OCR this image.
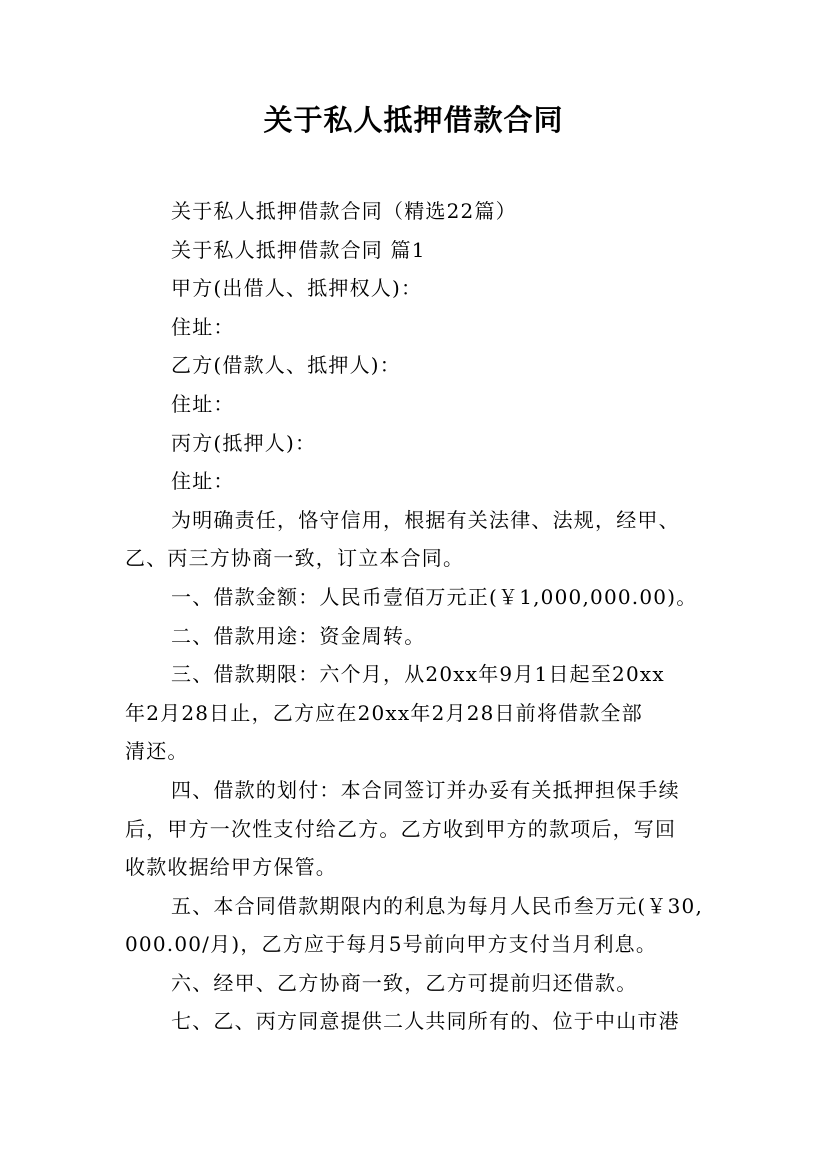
关于私人抵押借款合同
关于私人抵押借款合同（精选22篇）
关于私人抵押借款合同 篇1
甲方(出借人、抵押权人)：
住址：
乙方(借款人、抵押人)：
住址：
丙方(抵押人)：
住址：
为明确责任，恪守信用，根据有关法律、法规，经甲、
乙、丙三方协商一致，订立本合同。
一、借款金额：人民币壹佰万元正(￥1,000,000.00)。
二、借款用途：资金周转。
三、借款期限：六个月，从20xx年9月1日起至20xx
年2月28日止，乙方应在20xx年2月28日前将借款全部
清还。
四、借款的划付：本合同签订并办妥有关抵押担保手续
后，甲方一次性支付给乙方。乙方收到甲方的款项后，写回
收款收据给甲方保管。
五、本合同借款期限内的利息为每月人民币叁万元(￥30,
000.00/月)，乙方应于每月5号前向甲方支付当月利息。
六、经甲、乙方协商一致，乙方可提前归还借款。
七、乙、丙方同意提供二人共同所有的、位于中山市港
